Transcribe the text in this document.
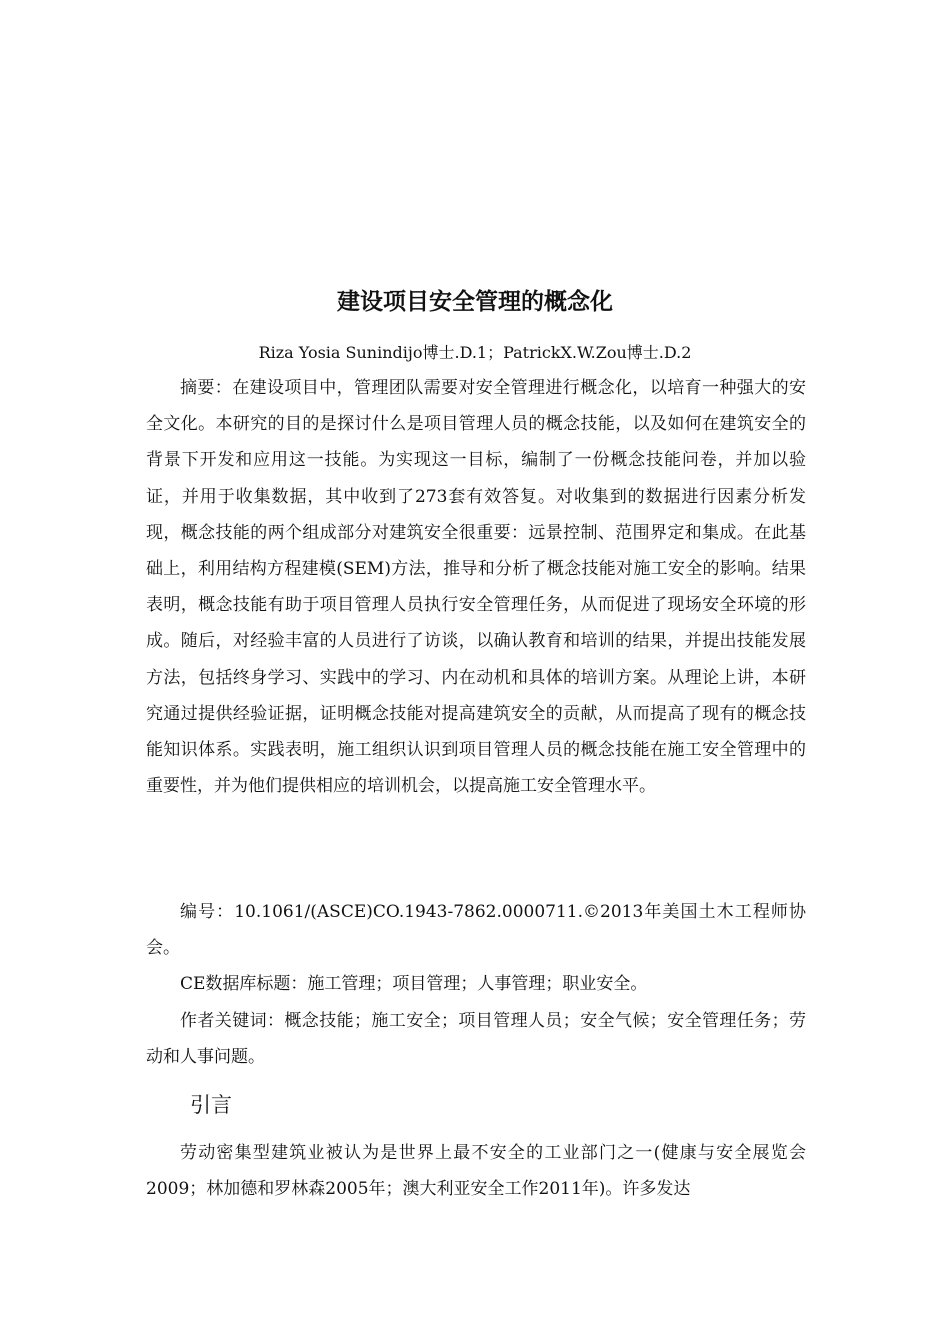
建设项目安全管理的概念化

Riza Yosia Sunindijo博士.D.1；PatrickX.W.Zou博士.D.2

摘要：在建设项目中，管理团队需要对安全管理进行概念化，以培育一种强大的安全文化。本研究的目的是探讨什么是项目管理人员的概念技能，以及如何在建筑安全的背景下开发和应用这一技能。为实现这一目标，编制了一份概念技能问卷，并加以验证，并用于收集数据，其中收到了273套有效答复。对收集到的数据进行因素分析发现，概念技能的两个组成部分对建筑安全很重要：远景控制、范围界定和集成。在此基础上，利用结构方程建模(SEM)方法，推导和分析了概念技能对施工安全的影响。结果表明，概念技能有助于项目管理人员执行安全管理任务，从而促进了现场安全环境的形成。随后，对经验丰富的人员进行了访谈，以确认教育和培训的结果，并提出技能发展方法，包括终身学习、实践中的学习、内在动机和具体的培训方案。从理论上讲，本研究通过提供经验证据，证明概念技能对提高建筑安全的贡献，从而提高了现有的概念技能知识体系。实践表明，施工组织认识到项目管理人员的概念技能在施工安全管理中的重要性，并为他们提供相应的培训机会，以提高施工安全管理水平。

编号：10.1061/(ASCE)CO.1943-7862.0000711.©2013年美国土木工程师协会。

CE数据库标题：施工管理；项目管理；人事管理；职业安全。

作者关键词：概念技能；施工安全；项目管理人员；安全气候；安全管理任务；劳动和人事问题。

引言

劳动密集型建筑业被认为是世界上最不安全的工业部门之一(健康与安全展览会 2009；林加德和罗林森2005年；澳大利亚安全工作2011年)。许多发达
